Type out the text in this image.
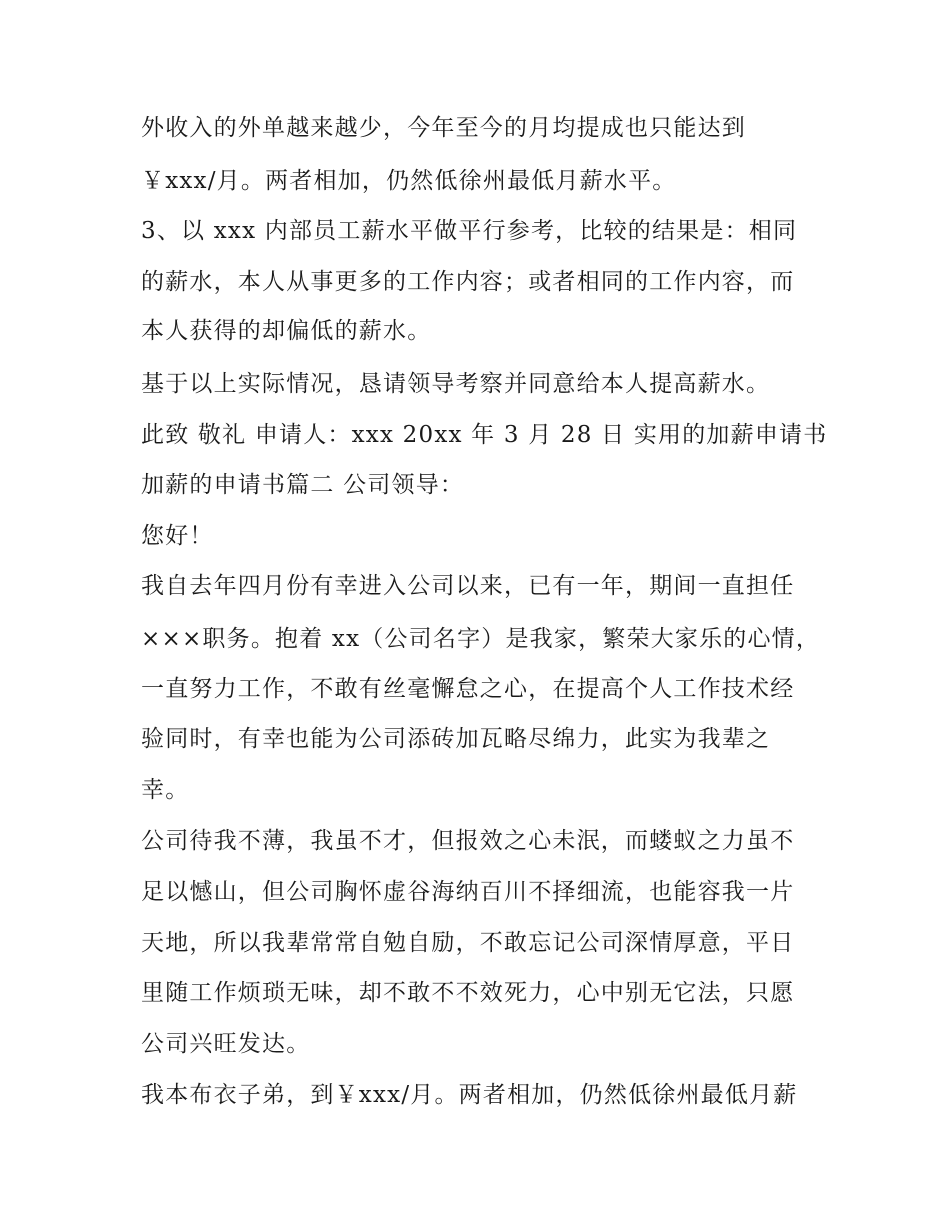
外收入的外单越来越少，今年至今的月均提成也只能达到
￥xxx/月。两者相加，仍然低徐州最低月薪水平。
3、以 xxx 内部员工薪水平做平行参考，比较的结果是：相同
的薪水，本人从事更多的工作内容；或者相同的工作内容，而
本人获得的却偏低的薪水。
基于以上实际情况，恳请领导考察并同意给本人提高薪水。
此致 敬礼 申请人：xxx 20xx 年 3 月 28 日 实用的加薪申请书
加薪的申请书篇二 公司领导：
您好！
我自去年四月份有幸进入公司以来，已有一年，期间一直担任
×××职务。抱着 xx（公司名字）是我家，繁荣大家乐的心情，
一直努力工作，不敢有丝毫懈怠之心，在提高个人工作技术经
验同时，有幸也能为公司添砖加瓦略尽绵力，此实为我辈之
幸。
公司待我不薄，我虽不才，但报效之心未泯，而蝼蚁之力虽不
足以憾山，但公司胸怀虚谷海纳百川不择细流，也能容我一片
天地，所以我辈常常自勉自励，不敢忘记公司深情厚意，平日
里随工作烦琐无味，却不敢不不效死力，心中别无它法，只愿
公司兴旺发达。
我本布衣子弟，到￥xxx/月。两者相加，仍然低徐州最低月薪
